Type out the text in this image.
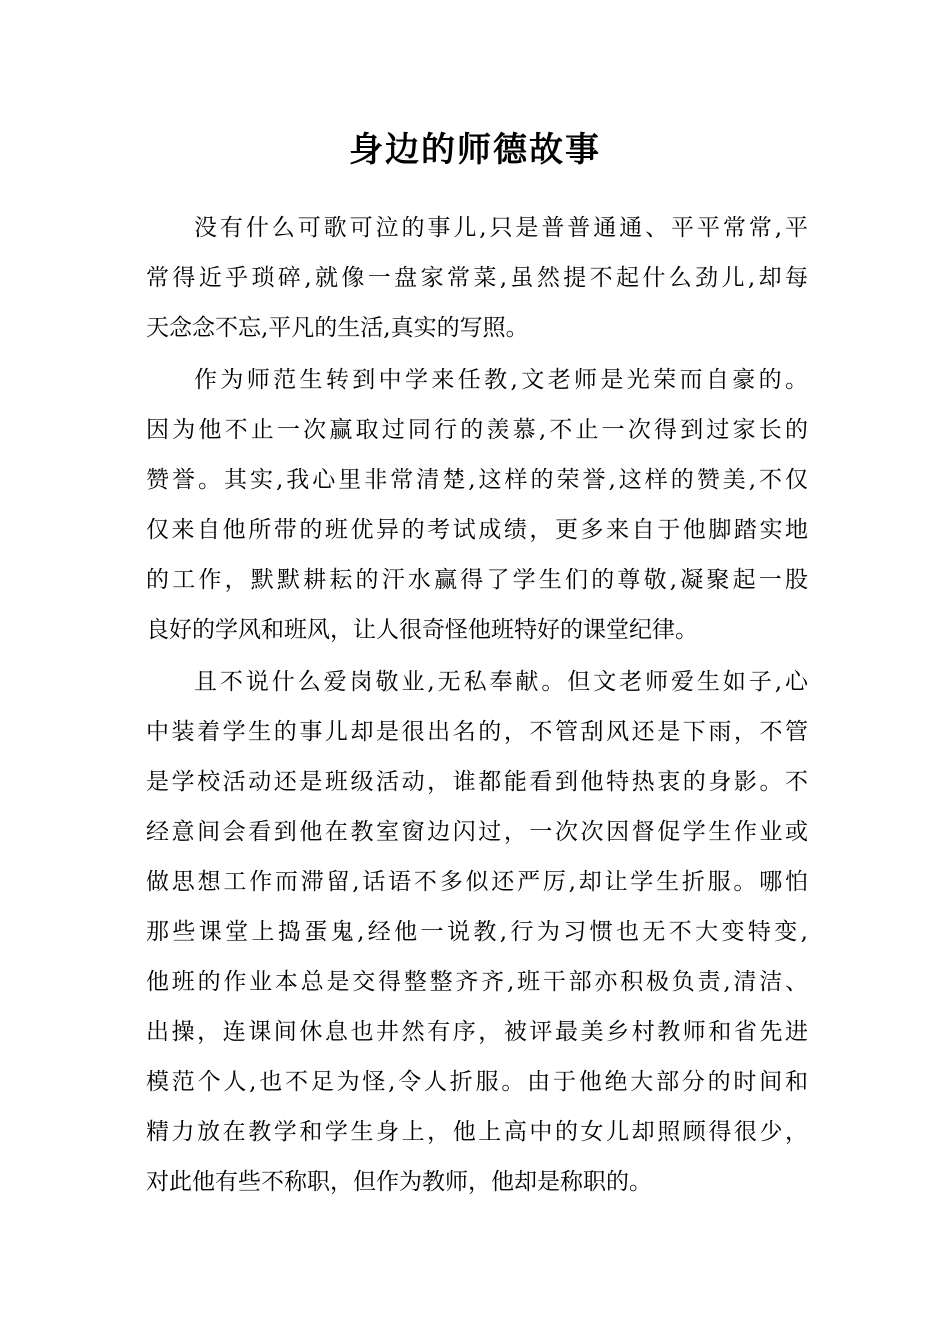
身边的师德故事
没有什么可歌可泣的事儿,只是普普通通、平平常常,平
常得近乎琐碎,就像一盘家常菜,虽然提不起什么劲儿,却每
天念念不忘,平凡的生活,真实的写照。
作为师范生转到中学来任教,文老师是光荣而自豪的。
因为他不止一次赢取过同行的羡慕,不止一次得到过家长的
赞誉。其实,我心里非常清楚,这样的荣誉,这样的赞美,不仅
仅来自他所带的班优异的考试成绩，更多来自于他脚踏实地
的工作，默默耕耘的汗水赢得了学生们的尊敬,凝聚起一股
良好的学风和班风，让人很奇怪他班特好的课堂纪律。
且不说什么爱岗敬业,无私奉献。但文老师爱生如子,心
中装着学生的事儿却是很出名的，不管刮风还是下雨，不管
是学校活动还是班级活动，谁都能看到他特热衷的身影。不
经意间会看到他在教室窗边闪过，一次次因督促学生作业或
做思想工作而滞留,话语不多似还严厉,却让学生折服。哪怕
那些课堂上捣蛋鬼,经他一说教,行为习惯也无不大变特变,
他班的作业本总是交得整整齐齐,班干部亦积极负责,清洁、
出操，连课间休息也井然有序，被评最美乡村教师和省先进
模范个人,也不足为怪,令人折服。由于他绝大部分的时间和
精力放在教学和学生身上，他上高中的女儿却照顾得很少，
对此他有些不称职，但作为教师，他却是称职的。
